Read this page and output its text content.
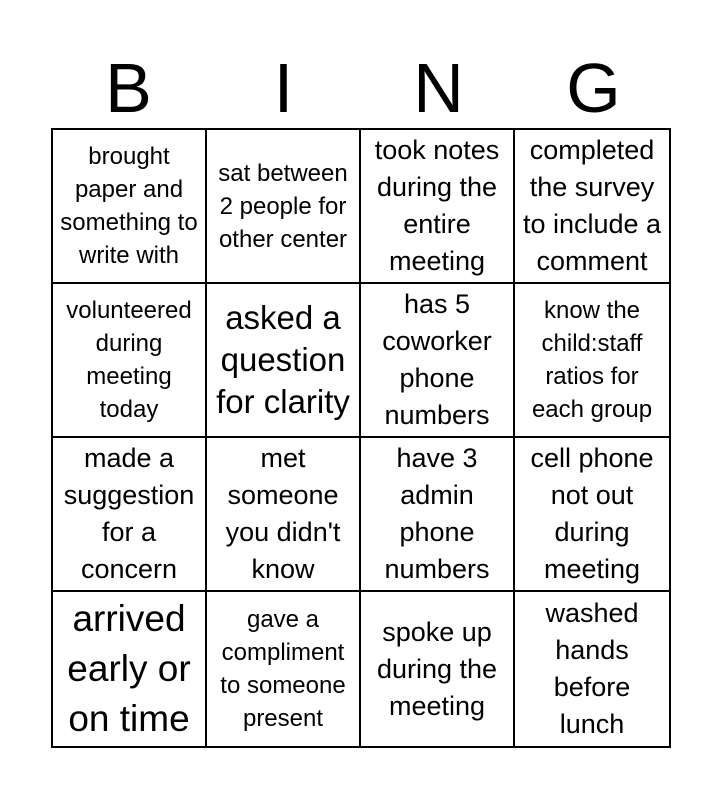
B	I	N	G
brought paper and something to write with
sat between 2 people for other center
took notes during the entire meeting
completed the survey to include a comment
volunteered during meeting today
asked a question for clarity
has 5 coworker phone numbers
know the child:staff ratios for each group
made a suggestion for a concern
met someone you didn't know
have 3 admin phone numbers
cell phone not out during meeting
arrived early or on time
gave a compliment to someone present
spoke up during the meeting
washed hands before lunch
